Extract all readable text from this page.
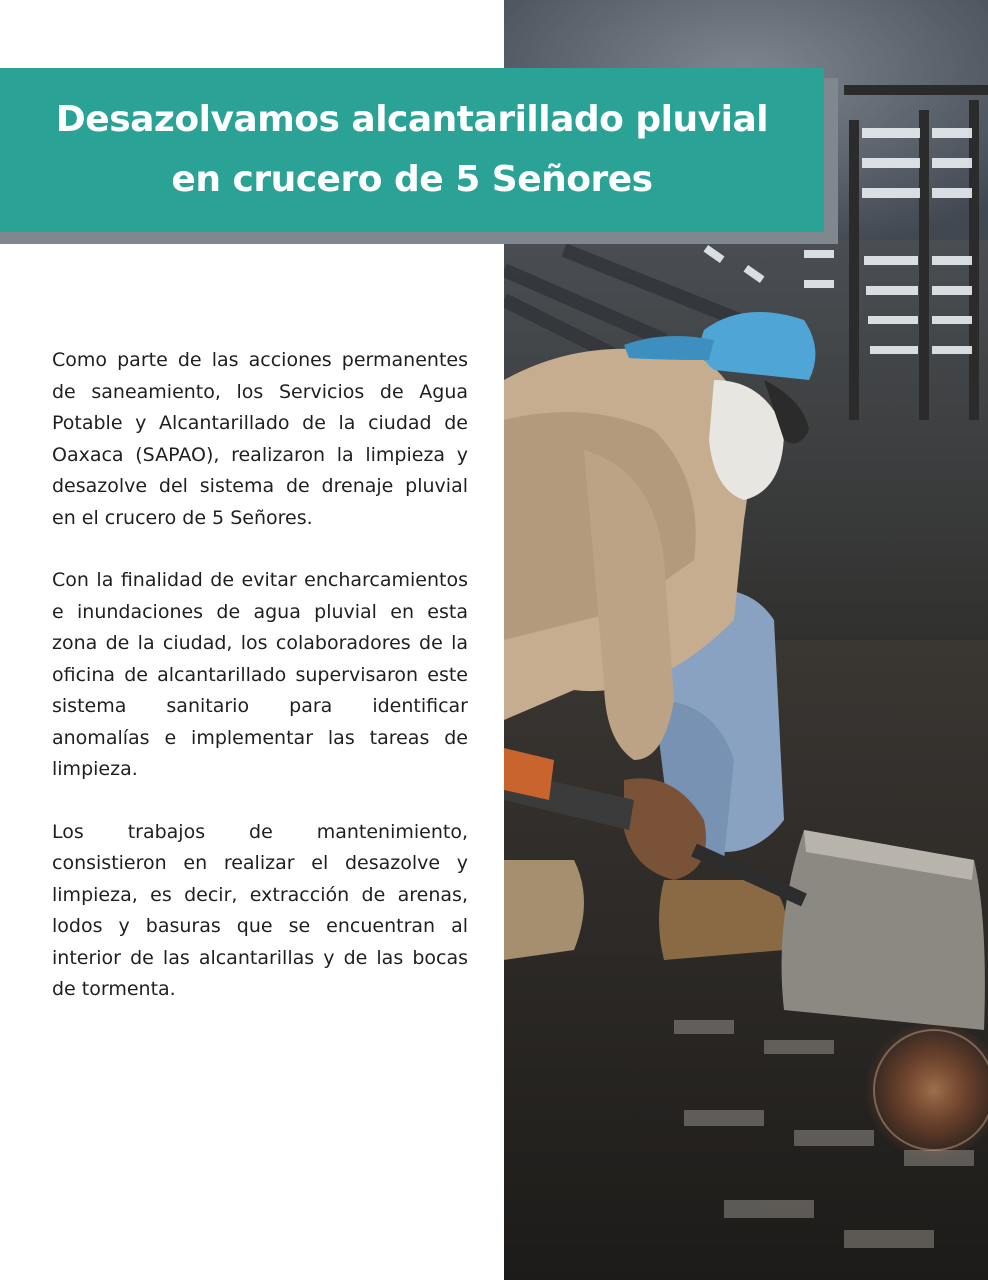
Desazolvamos alcantarillado pluvial
en crucero de 5 Señores

Como parte de las acciones permanentes de saneamiento, los Servicios de Agua Potable y Alcantarillado de la ciudad de Oaxaca (SAPAO), realizaron la limpieza y desazolve del sistema de drenaje pluvial en el crucero de 5 Señores.

Con la finalidad de evitar encharcamientos e inundaciones de agua pluvial en esta zona de la ciudad, los colaboradores de la oficina de alcantarillado supervisaron este sistema sanitario para identificar anomalías e implementar las tareas de limpieza.

Los trabajos de mantenimiento, consistieron en realizar el desazolve y limpieza, es decir, extracción de arenas, lodos y basuras que se encuentran al interior de las alcantarillas y de las bocas de tormenta.
